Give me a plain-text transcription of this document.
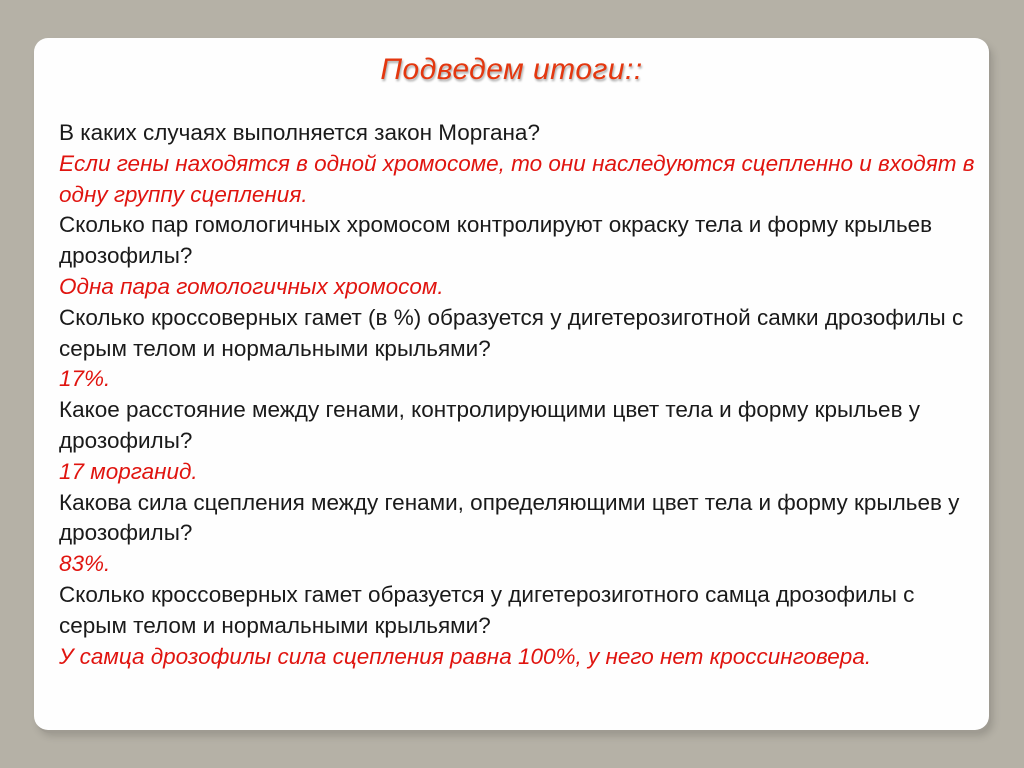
Подведем итоги::
В каких случаях выполняется закон Моргана?
Если гены находятся в одной хромосоме, то они наследуются сцепленно и входят в одну группу сцепления.
Сколько пар гомологичных хромосом контролируют окраску тела и форму крыльев дрозофилы?
Одна пара гомологичных хромосом.
Сколько кроссоверных гамет (в %) образуется у дигетерозиготной самки дрозофилы с серым телом и нормальными крыльями?
17%.
Какое расстояние между генами, контролирующими цвет тела и форму крыльев у дрозофилы?
17 морганид.
Какова сила сцепления между генами, определяющими цвет тела и форму крыльев у дрозофилы?
83%.
Сколько кроссоверных гамет образуется у дигетерозиготного самца дрозофилы с серым телом и нормальными крыльями?
У самца дрозофилы сила сцепления равна 100%, у него нет кроссинговера.
